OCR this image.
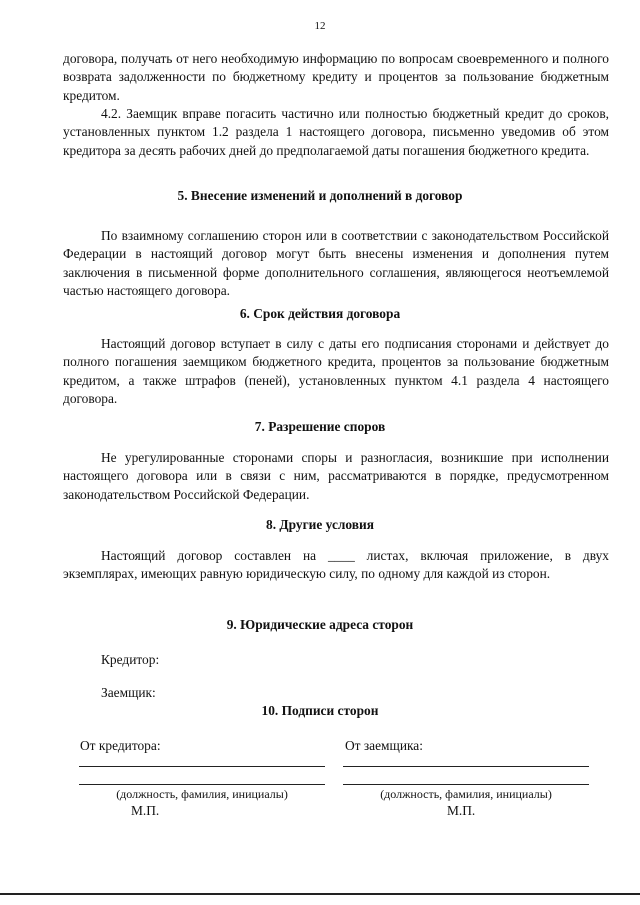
12

договора, получать от него необходимую информацию по вопросам своевременного и полного возврата задолженности по бюджетному кредиту и процентов за пользование бюджетным кредитом.

4.2. Заемщик вправе погасить частично или полностью бюджетный кредит до сроков, установленных пунктом 1.2 раздела 1 настоящего договора, письменно уведомив об этом кредитора за десять рабочих дней до предполагаемой даты погашения бюджетного кредита.

5. Внесение изменений и дополнений в договор

По взаимному соглашению сторон или в соответствии с законодательством Российской Федерации в настоящий договор могут быть внесены изменения и дополнения путем заключения в письменной форме дополнительного соглашения, являющегося неотъемлемой частью настоящего договора.

6. Срок действия договора

Настоящий договор вступает в силу с даты его подписания сторонами и действует до полного погашения заемщиком бюджетного кредита, процентов за пользование бюджетным кредитом, а также штрафов (пеней), установленных пунктом 4.1 раздела 4 настоящего договора.

7. Разрешение споров

Не урегулированные сторонами споры и разногласия, возникшие при исполнении настоящего договора или в связи с ним, рассматриваются в порядке, предусмотренном законодательством Российской Федерации.

8. Другие условия

Настоящий договор составлен на ____ листах, включая приложение, в двух экземплярах, имеющих равную юридическую силу, по одному для каждой из сторон.

9. Юридические адреса сторон

Кредитор:
Заемщик:

10. Подписи сторон

От кредитора:	От заемщика:
(должность, фамилия, инициалы)	(должность, фамилия, инициалы)
М.П.	М.П.
